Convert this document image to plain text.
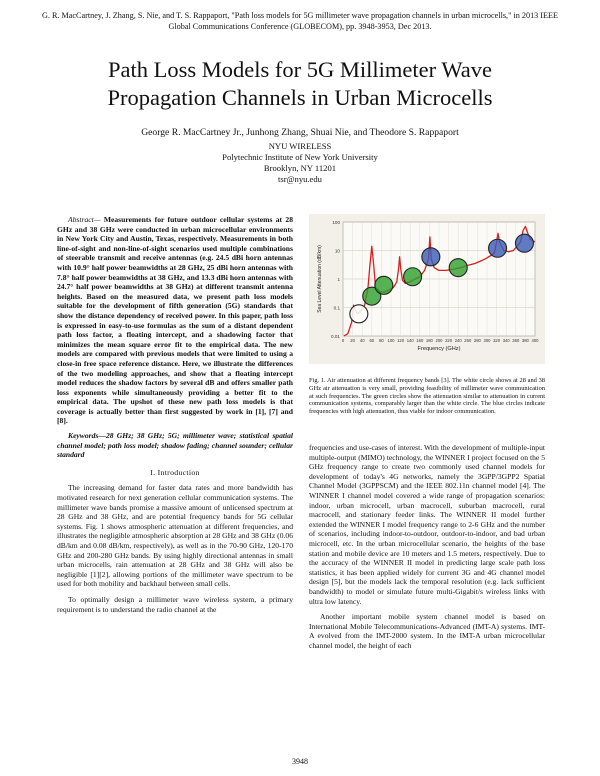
G. R. MacCartney, J. Zhang, S. Nie, and T. S. Rappaport, "Path loss models for 5G millimeter wave propagation channels in urban microcells," in 2013 IEEE Global Communications Conference (GLOBECOM), pp. 3948-3953, Dec 2013.
Path Loss Models for 5G Millimeter Wave
Propagation Channels in Urban Microcells
George R. MacCartney Jr., Junhong Zhang, Shuai Nie, and Theodore S. Rappaport
NYU WIRELESS
Polytechnic Institute of New York University
Brooklyn, NY 11201
tsr@nyu.edu

Abstract— Measurements for future outdoor cellular systems at 28 GHz and 38 GHz were conducted in urban microcellular environments in New York City and Austin, Texas, respectively. Measurements in both line-of-sight and non-line-of-sight scenarios used multiple combinations of steerable transmit and receive antennas (e.g. 24.5 dBi horn antennas with 10.9° half power beamwidths at 28 GHz, 25 dBi horn antennas with 7.8° half power beamwidths at 38 GHz, and 13.3 dBi horn antennas with 24.7° half power beamwidths at 38 GHz) at different transmit antenna heights. Based on the measured data, we present path loss models suitable for the development of fifth generation (5G) standards that show the distance dependency of received power. In this paper, path loss is expressed in easy-to-use formulas as the sum of a distant dependent path loss factor, a floating intercept, and a shadowing factor that minimizes the mean square error fit to the empirical data. The new models are compared with previous models that were limited to using a close-in free space reference distance. Here, we illustrate the differences of the two modeling approaches, and show that a floating intercept model reduces the shadow factors by several dB and offers smaller path loss exponents while simultaneously providing a better fit to the empirical data. The upshot of these new path loss models is that coverage is actually better than first suggested by work in [1], [7] and [8].

Keywords—28 GHz; 38 GHz; 5G; millimeter wave; statistical spatial channel model; path loss model; shadow fading; channel sounder; cellular standard

I. Introduction

The increasing demand for faster data rates and more bandwidth has motivated research for next generation cellular communication systems. The millimeter wave bands promise a massive amount of unlicensed spectrum at 28 GHz and 38 GHz, and are potential frequency bands for 5G cellular systems. Fig. 1 shows atmospheric attenuation at different frequencies, and illustrates the negligible atmospheric absorption at 28 GHz and 38 GHz (0.06 dB/km and 0.08 dB/km, respectively), as well as in the 70-90 GHz, 120-170 GHz and 200-280 GHz bands. By using highly directional antennas in small urban microcells, rain attenuation at 28 GHz and 38 GHz will also be negligible [1][2], allowing portions of the millimeter wave spectrum to be used for both mobility and backhaul between small cells.

To optimally design a millimeter wave wireless system, a primary requirement is to understand the radio channel at the

0.01
0.1
1
10
100
0 20 40 60 80 100 120 140 160 180 200 220 240 260 280 300 320 340 360 380 400
Frequency (GHz)
Sea Level Attenuation (dB/km)
Fig. 1. Air attenuation at different frequency bands [3]. The white circle shows at 28 and 38 GHz air attenuation is very small, providing feasibility of millimeter wave communication at such frequencies. The green circles show the attenuation similar to attenuation in current communication systems, comparably larger than the white circle. The blue circles indicate frequencies with high attenuation, thus viable for indoor communication.

frequencies and use-cases of interest. With the development of multiple-input multiple-output (MIMO) technology, the WINNER I project focused on the 5 GHz frequency range to create two commonly used channel models for development of today's 4G networks, namely the 3GPP/3GPP2 Spatial Channel Model (3GPPSCM) and the IEEE 802.11n channel model [4]. The WINNER I channel model covered a wide range of propagation scenarios: indoor, urban microcell, urban macrocell, suburban macrocell, rural macrocell, and stationary feeder links. The WINNER II model further extended the WINNER I model frequency range to 2-6 GHz and the number of scenarios, including indoor-to-outdoor, outdoor-to-indoor, and bad urban microcell, etc. In the urban microcellular scenario, the heights of the base station and mobile device are 10 meters and 1.5 meters, respectively. Due to the accuracy of the WINNER II model in predicting large scale path loss statistics, it has been applied widely for current 3G and 4G channel model design [5], but the models lack the temporal resolution (e.g. lack sufficient bandwidth) to model or simulate future multi-Gigabit/s wireless links with ultra low latency.

Another important mobile system channel model is based on International Mobile Telecommunications-Advanced (IMT-A) systems. IMT-A evolved from the IMT-2000 system. In the IMT-A urban microcellular channel model, the height of each

3948
